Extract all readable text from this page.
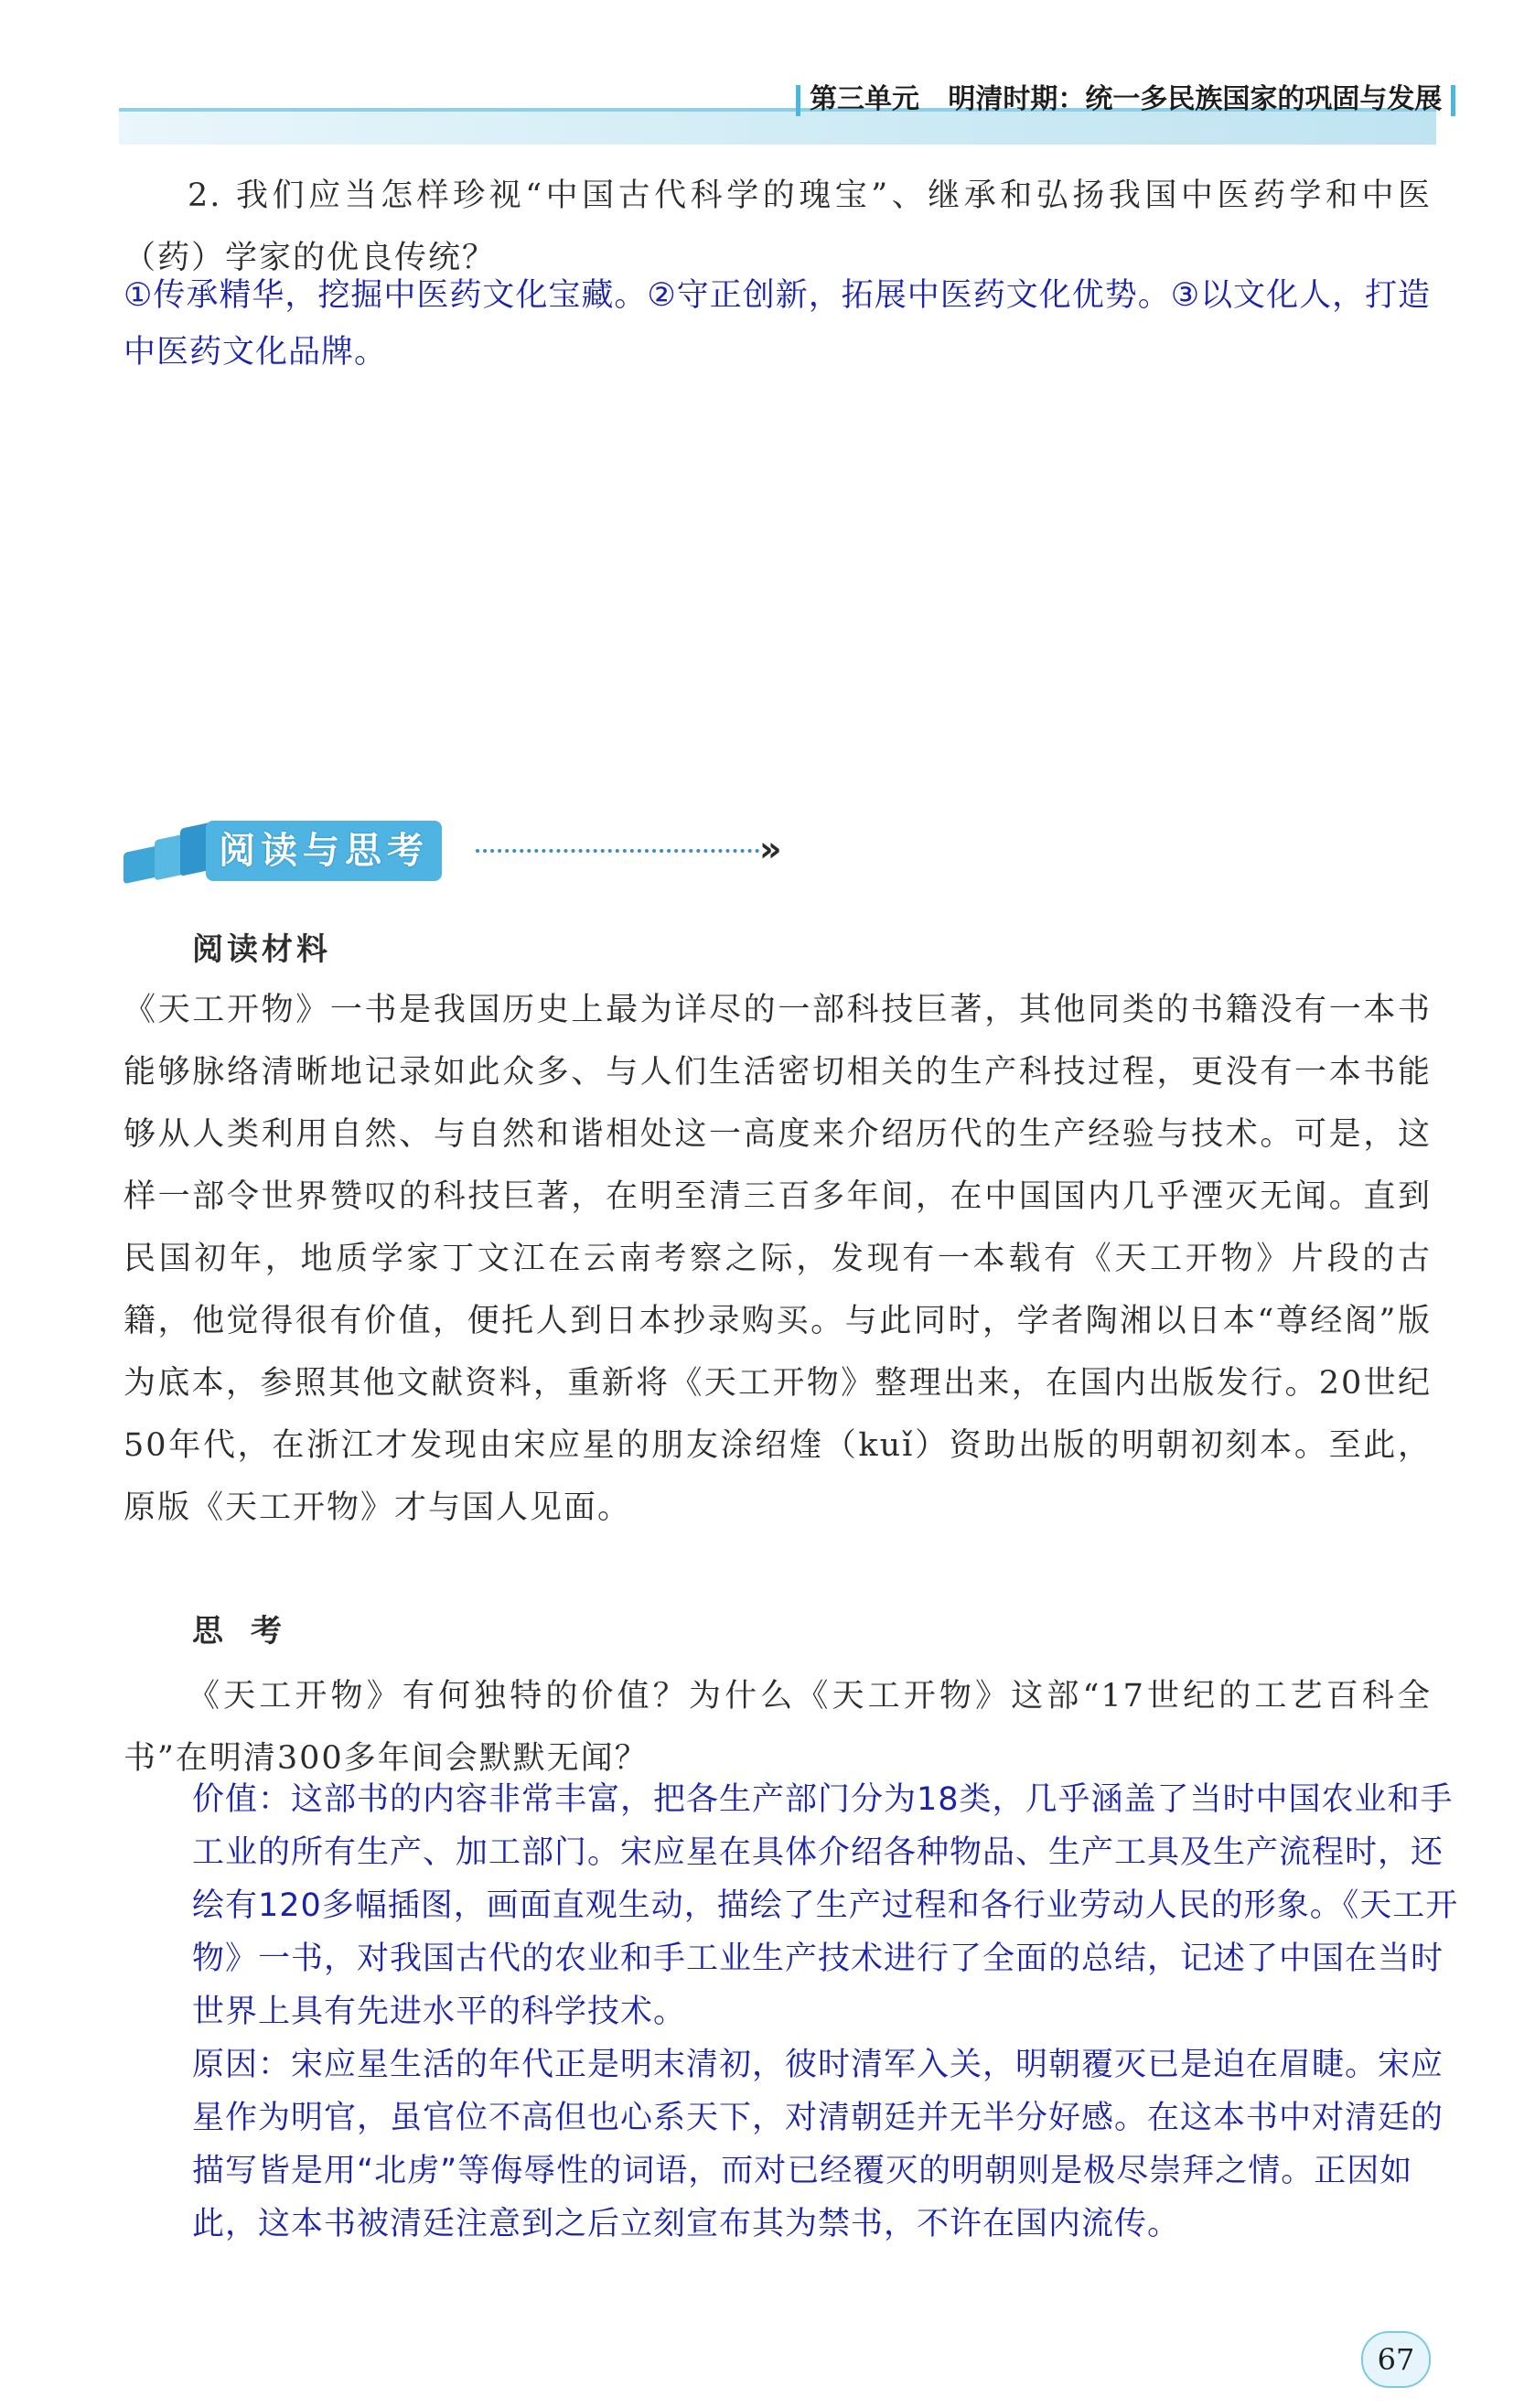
第三单元 明清时期：统一多民族国家的巩固与发展
2. 我们应当怎样珍视“中国古代科学的瑰宝”、继承和弘扬我国中医药学和中医（药）学家的优良传统？
①传承精华，挖掘中医药文化宝藏。②守正创新，拓展中医药文化优势。③以文化人，打造中医药文化品牌。
阅读与思考	»
阅读材料
《天工开物》一书是我国历史上最为详尽的一部科技巨著，其他同类的书籍没有一本书能够脉络清晰地记录如此众多、与人们生活密切相关的生产科技过程，更没有一本书能够从人类利用自然、与自然和谐相处这一高度来介绍历代的生产经验与技术。可是，这样一部令世界赞叹的科技巨著，在明至清三百多年间，在中国国内几乎湮灭无闻。直到民国初年，地质学家丁文江在云南考察之际，发现有一本载有《天工开物》片段的古籍，他觉得很有价值，便托人到日本抄录购买。与此同时，学者陶湘以日本“尊经阁”版为底本，参照其他文献资料，重新将《天工开物》整理出来，在国内出版发行。20世纪50年代，在浙江才发现由宋应星的朋友涂绍煃（kuǐ）资助出版的明朝初刻本。至此，原版《天工开物》才与国人见面。
思考
《天工开物》有何独特的价值？为什么《天工开物》这部“17世纪的工艺百科全书”在明清300多年间会默默无闻？
价值：这部书的内容非常丰富，把各生产部门分为18类，几乎涵盖了当时中国农业和手工业的所有生产、加工部门。宋应星在具体介绍各种物品、生产工具及生产流程时，还绘有120多幅插图，画面直观生动，描绘了生产过程和各行业劳动人民的形象。《天工开物》一书，对我国古代的农业和手工业生产技术进行了全面的总结，记述了中国在当时世界上具有先进水平的科学技术。
原因：宋应星生活的年代正是明末清初，彼时清军入关，明朝覆灭已是迫在眉睫。宋应星作为明官，虽官位不高但也心系天下，对清朝廷并无半分好感。在这本书中对清廷的描写皆是用“北虏”等侮辱性的词语，而对已经覆灭的明朝则是极尽崇拜之情。正因如此，这本书被清廷注意到之后立刻宣布其为禁书，不许在国内流传。
67
